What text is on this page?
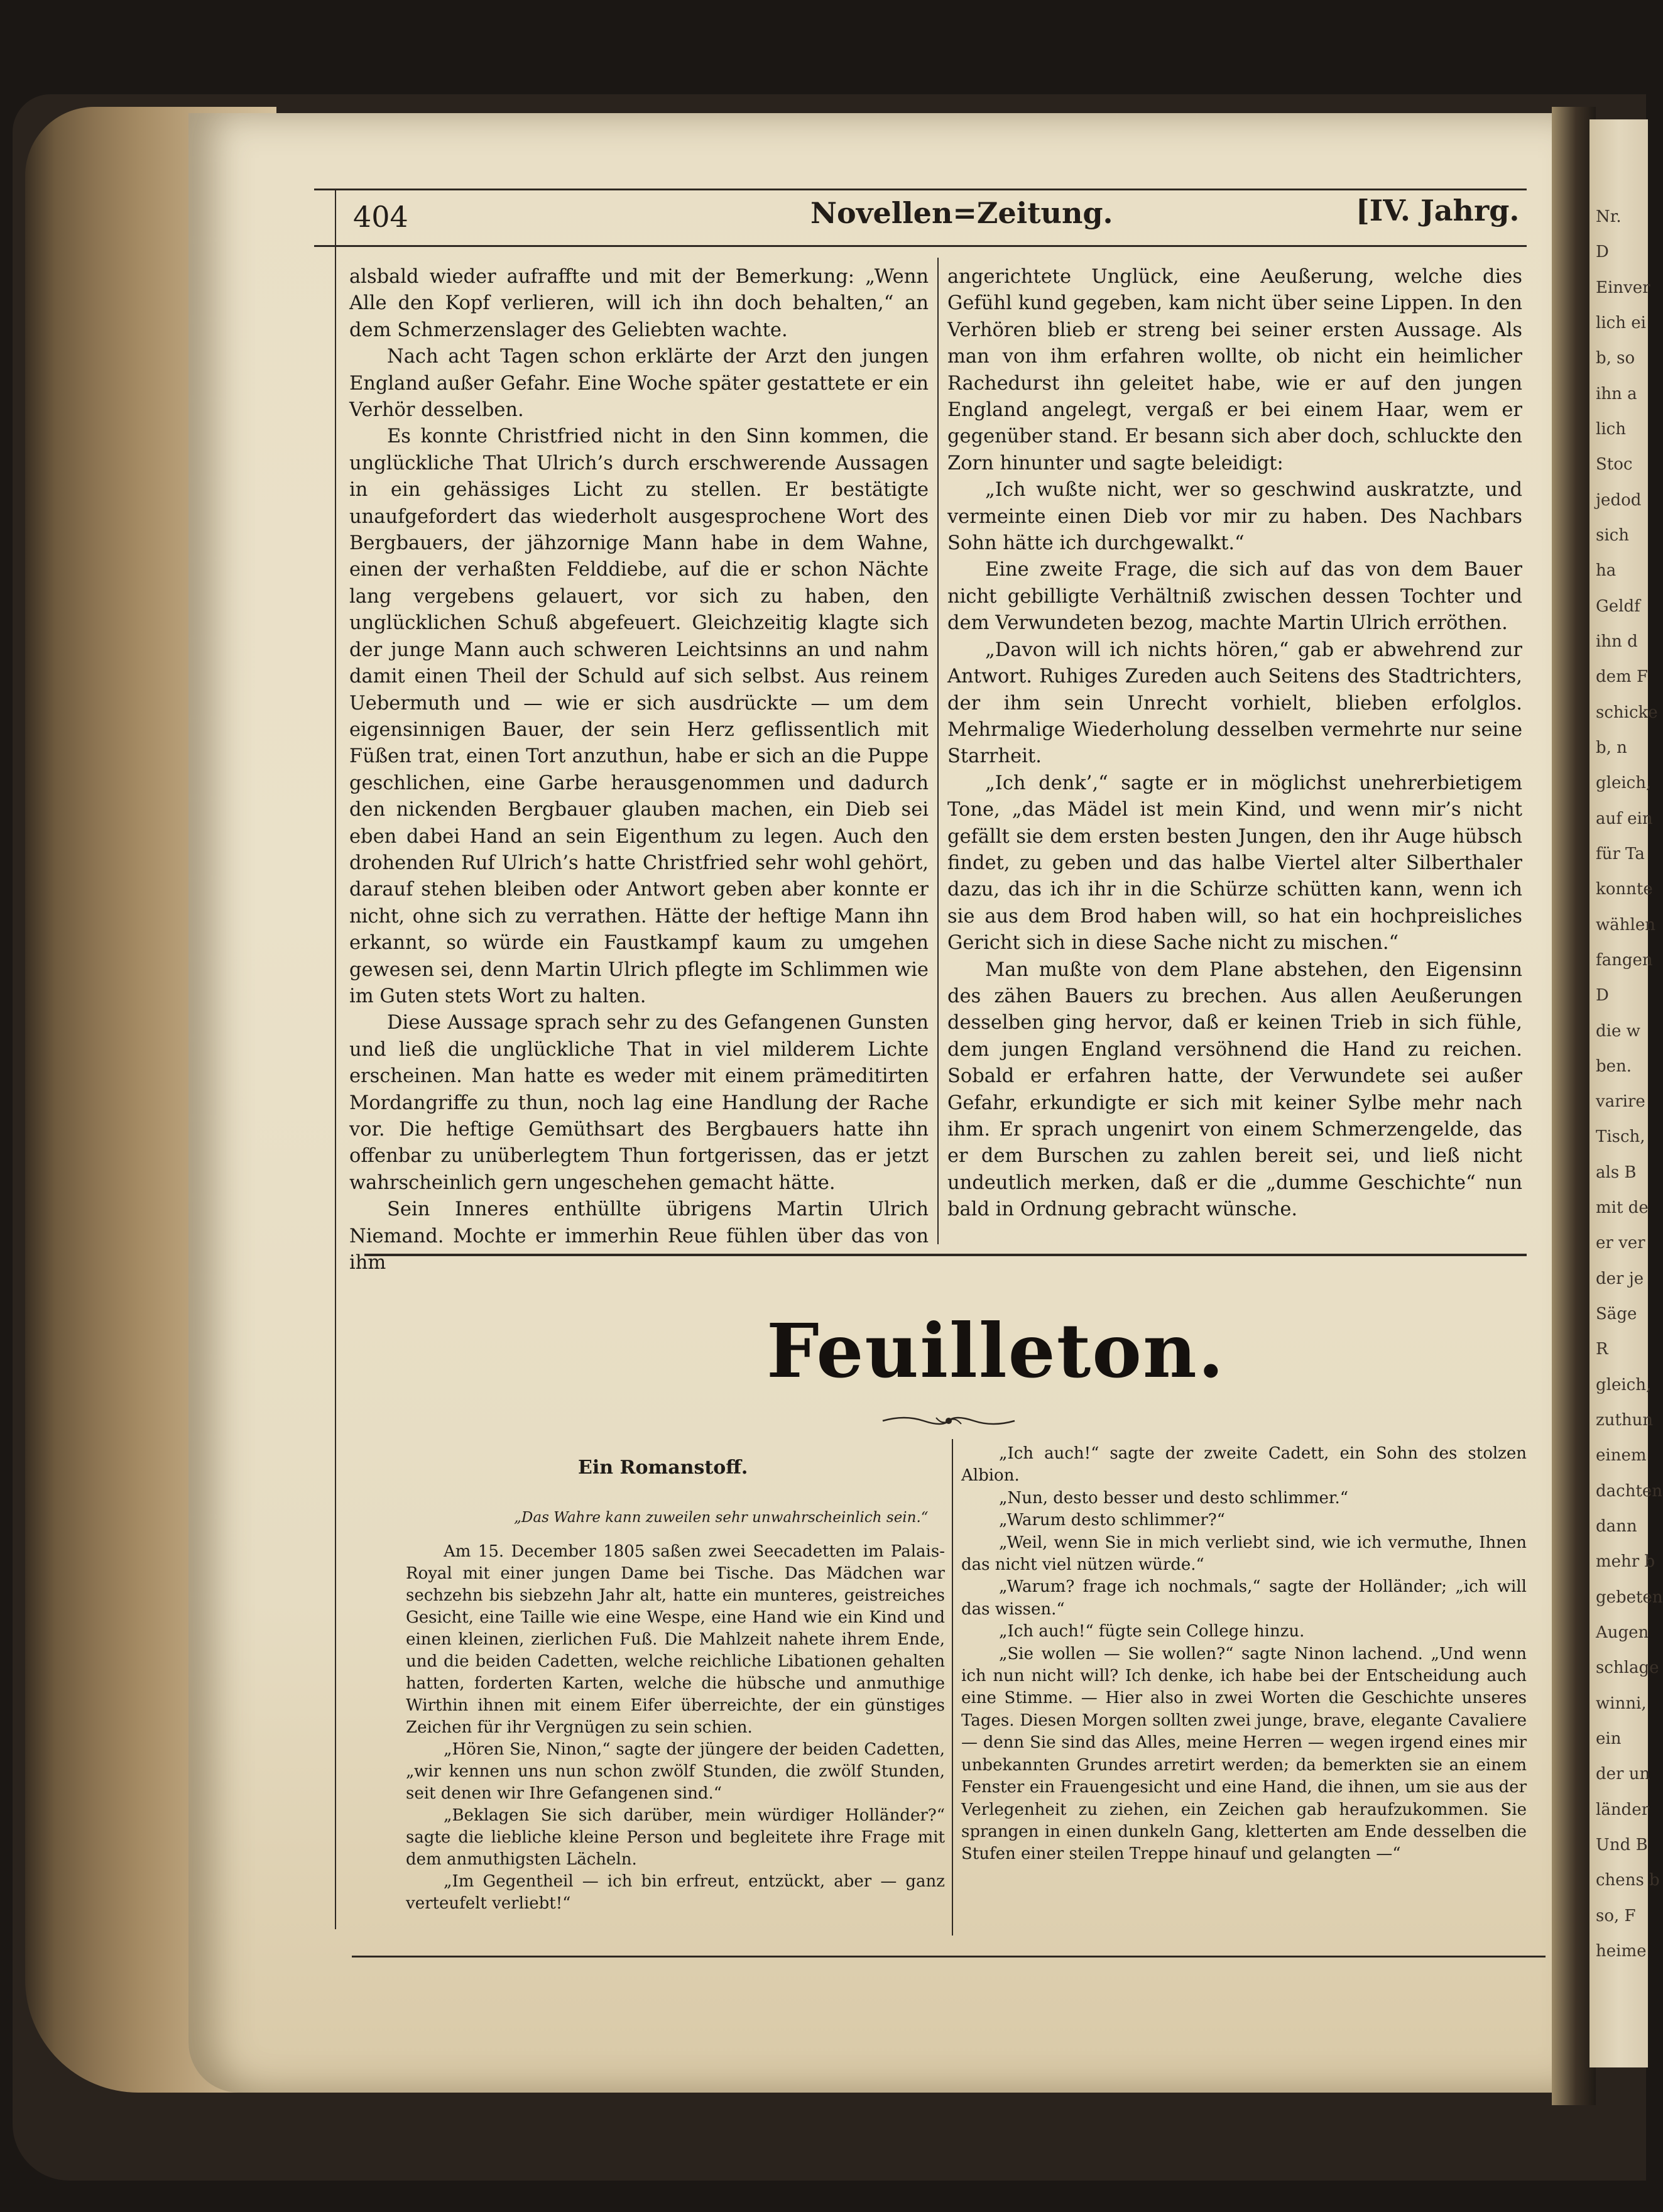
Nr.
D
Einver
lich ei
b, so
ihn a
lich
Stoc
jedod
sich
ha
Geldf
ihn d
dem F
schicke
b, n
gleich,
auf ein
für Ta
konnte
wählen
fangen
D
die w
ben.
varire
Tisch,
als B
mit de
er ver
der je
Säge
R
gleich,
zuthun
einem
dachten
dann
mehr b
gebeten
Augen
schlage
winni,
ein
der un
länder
Und B
chens b
so, F
heime
404	Novellen=Zeitung.	[IV. Jahrg.

alsbald wieder aufraffte und mit der Bemerkung: „Wenn Alle den Kopf verlieren, will ich ihn doch behalten,“ an dem Schmerzenslager des Geliebten wachte.

Nach acht Tagen schon erklärte der Arzt den jungen England außer Gefahr. Eine Woche später gestattete er ein Verhör desselben.

Es konnte Christfried nicht in den Sinn kommen, die unglückliche That Ulrich’s durch erschwerende Aussagen in ein gehässiges Licht zu stellen. Er bestätigte unaufgefordert das wiederholt ausgesprochene Wort des Bergbauers, der jähzornige Mann habe in dem Wahne, einen der verhaßten Felddiebe, auf die er schon Nächte lang vergebens gelauert, vor sich zu haben, den unglücklichen Schuß abgefeuert. Gleichzeitig klagte sich der junge Mann auch schweren Leichtsinns an und nahm damit einen Theil der Schuld auf sich selbst. Aus reinem Uebermuth und — wie er sich ausdrückte — um dem eigensinnigen Bauer, der sein Herz geflissentlich mit Füßen trat, einen Tort anzuthun, habe er sich an die Puppe geschlichen, eine Garbe herausgenommen und dadurch den nickenden Bergbauer glauben machen, ein Dieb sei eben dabei Hand an sein Eigenthum zu legen. Auch den drohenden Ruf Ulrich’s hatte Christfried sehr wohl gehört, darauf stehen bleiben oder Antwort geben aber konnte er nicht, ohne sich zu verrathen. Hätte der heftige Mann ihn erkannt, so würde ein Faustkampf kaum zu umgehen gewesen sei, denn Martin Ulrich pflegte im Schlimmen wie im Guten stets Wort zu halten.

Diese Aussage sprach sehr zu des Gefangenen Gunsten und ließ die unglückliche That in viel milderem Lichte erscheinen. Man hatte es weder mit einem prämeditirten Mordangriffe zu thun, noch lag eine Handlung der Rache vor. Die heftige Gemüthsart des Bergbauers hatte ihn offenbar zu unüberlegtem Thun fortgerissen, das er jetzt wahrscheinlich gern ungeschehen gemacht hätte.

Sein Inneres enthüllte übrigens Martin Ulrich Niemand. Mochte er immerhin Reue fühlen über das von ihm

angerichtete Unglück, eine Aeußerung, welche dies Gefühl kund gegeben, kam nicht über seine Lippen. In den Verhören blieb er streng bei seiner ersten Aussage. Als man von ihm erfahren wollte, ob nicht ein heimlicher Rachedurst ihn geleitet habe, wie er auf den jungen England angelegt, vergaß er bei einem Haar, wem er gegenüber stand. Er besann sich aber doch, schluckte den Zorn hinunter und sagte beleidigt:

„Ich wußte nicht, wer so geschwind auskratzte, und vermeinte einen Dieb vor mir zu haben. Des Nachbars Sohn hätte ich durchgewalkt.“

Eine zweite Frage, die sich auf das von dem Bauer nicht gebilligte Verhältniß zwischen dessen Tochter und dem Verwundeten bezog, machte Martin Ulrich erröthen.

„Davon will ich nichts hören,“ gab er abwehrend zur Antwort. Ruhiges Zureden auch Seitens des Stadtrichters, der ihm sein Unrecht vorhielt, blieben erfolglos. Mehrmalige Wiederholung desselben vermehrte nur seine Starrheit.

„Ich denk’,“ sagte er in möglichst unehrerbietigem Tone, „das Mädel ist mein Kind, und wenn mir’s nicht gefällt sie dem ersten besten Jungen, den ihr Auge hübsch findet, zu geben und das halbe Viertel alter Silberthaler dazu, das ich ihr in die Schürze schütten kann, wenn ich sie aus dem Brod haben will, so hat ein hochpreisliches Gericht sich in diese Sache nicht zu mischen.“

Man mußte von dem Plane abstehen, den Eigensinn des zähen Bauers zu brechen. Aus allen Aeußerungen desselben ging hervor, daß er keinen Trieb in sich fühle, dem jungen England versöhnend die Hand zu reichen. Sobald er erfahren hatte, der Verwundete sei außer Gefahr, erkundigte er sich mit keiner Sylbe mehr nach ihm. Er sprach ungenirt von einem Schmerzengelde, das er dem Burschen zu zahlen bereit sei, und ließ nicht undeutlich merken, daß er die „dumme Geschichte“ nun bald in Ordnung gebracht wünsche.

Feuilleton.
Ein Romanstoff.
„Das Wahre kann zuweilen sehr unwahrscheinlich sein.“

Am 15. December 1805 saßen zwei Seecadetten im Palais-Royal mit einer jungen Dame bei Tische. Das Mädchen war sechzehn bis siebzehn Jahr alt, hatte ein munteres, geistreiches Gesicht, eine Taille wie eine Wespe, eine Hand wie ein Kind und einen kleinen, zierlichen Fuß. Die Mahlzeit nahete ihrem Ende, und die beiden Cadetten, welche reichliche Libationen gehalten hatten, forderten Karten, welche die hübsche und anmuthige Wirthin ihnen mit einem Eifer überreichte, der ein günstiges Zeichen für ihr Vergnügen zu sein schien.

„Hören Sie, Ninon,“ sagte der jüngere der beiden Cadetten, „wir kennen uns nun schon zwölf Stunden, die zwölf Stunden, seit denen wir Ihre Gefangenen sind.“

„Beklagen Sie sich darüber, mein würdiger Holländer?“ sagte die liebliche kleine Person und begleitete ihre Frage mit dem anmuthigsten Lächeln.

„Im Gegentheil — ich bin erfreut, entzückt, aber — ganz verteufelt verliebt!“

„Ich auch!“ sagte der zweite Cadett, ein Sohn des stolzen Albion.

„Nun, desto besser und desto schlimmer.“

„Warum desto schlimmer?“

„Weil, wenn Sie in mich verliebt sind, wie ich vermuthe, Ihnen das nicht viel nützen würde.“

„Warum? frage ich nochmals,“ sagte der Holländer; „ich will das wissen.“

„Ich auch!“ fügte sein College hinzu.

„Sie wollen — Sie wollen?“ sagte Ninon lachend. „Und wenn ich nun nicht will? Ich denke, ich habe bei der Entscheidung auch eine Stimme. — Hier also in zwei Worten die Geschichte unseres Tages. Diesen Morgen sollten zwei junge, brave, elegante Cavaliere — denn Sie sind das Alles, meine Herren — wegen irgend eines mir unbekannten Grundes arretirt werden; da bemerkten sie an einem Fenster ein Frauengesicht und eine Hand, die ihnen, um sie aus der Verlegenheit zu ziehen, ein Zeichen gab heraufzukommen. Sie sprangen in einen dunkeln Gang, kletterten am Ende desselben die Stufen einer steilen Treppe hinauf und gelangten —“
